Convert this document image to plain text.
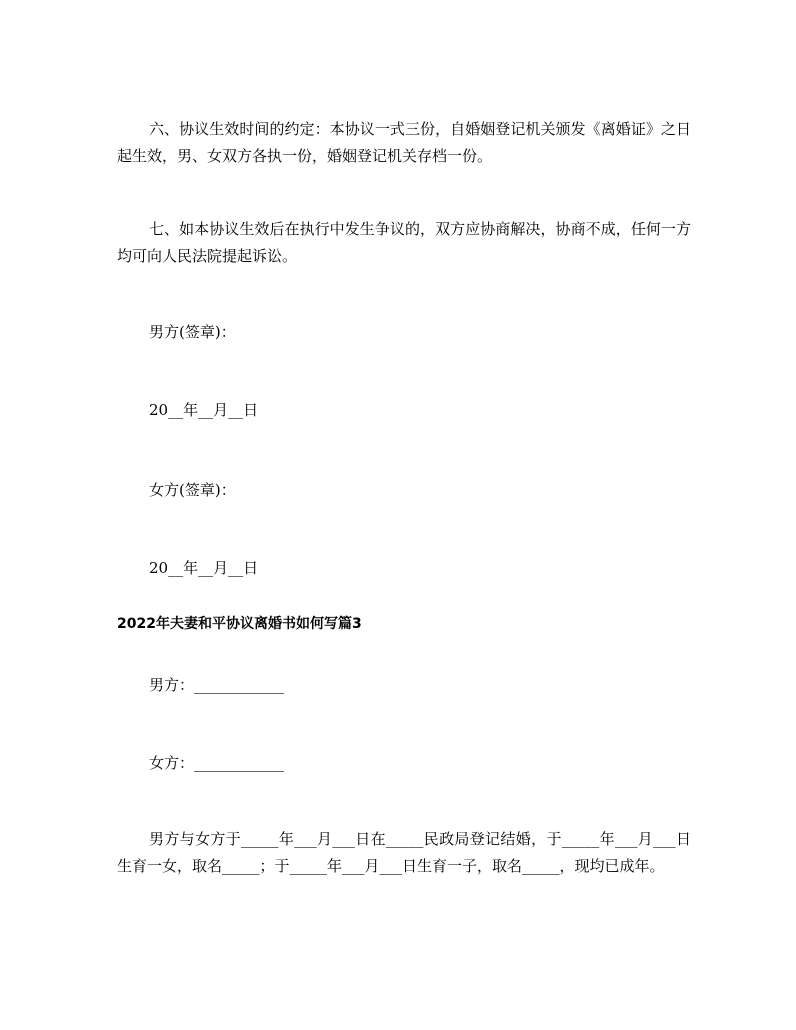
六、协议生效时间的约定：本协议一式三份，自婚姻登记机关颁发《离婚证》之日起生效，男、女双方各执一份，婚姻登记机关存档一份。

七、如本协议生效后在执行中发生争议的，双方应协商解决，协商不成，任何一方均可向人民法院提起诉讼。

男方(签章)：

20__年__月__日

女方(签章)：

20__年__月__日

2022年夫妻和平协议离婚书如何写篇3

男方：____________

女方：____________

男方与女方于_____年___月___日在_____民政局登记结婚，于_____年___月___日生育一女，取名_____；于_____年___月___日生育一子，取名_____，现均已成年。
